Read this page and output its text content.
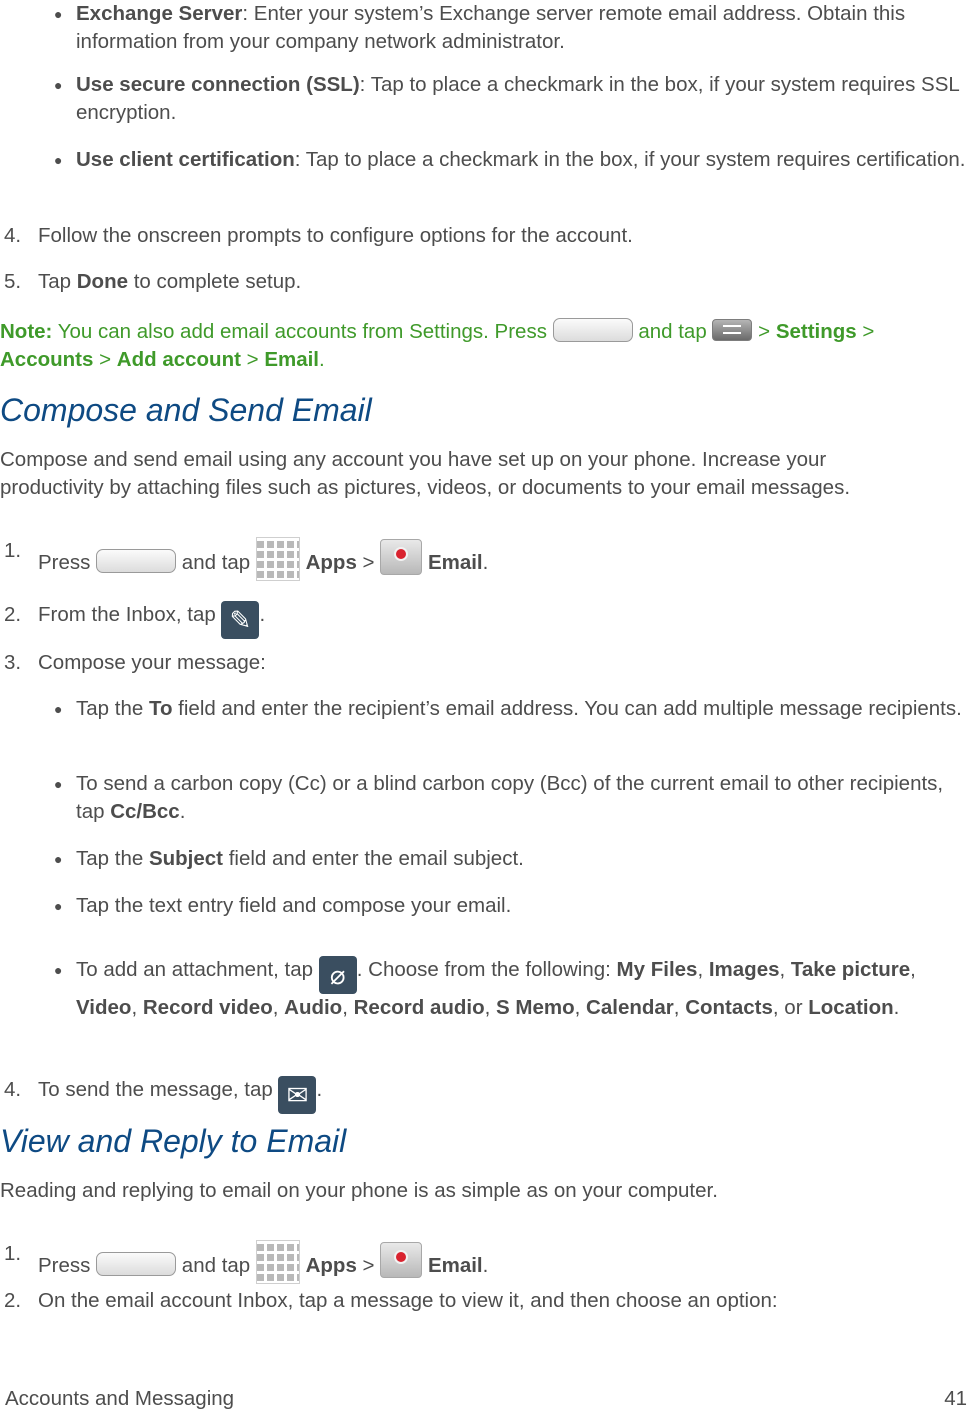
● Exchange Server: Enter your system’s Exchange server remote email address. Obtain this information from your company network administrator.
● Use secure connection (SSL): Tap to place a checkmark in the box, if your system requires SSL encryption.
● Use client certification: Tap to place a checkmark in the box, if your system requires certification.
4. Follow the onscreen prompts to configure options for the account.
5. Tap Done to complete setup.
Note: You can also add email accounts from Settings. Press	and tap  > Settings >
Accounts > Add account > Email.
Compose and Send Email
Compose and send email using any account you have set up on your phone. Increase your productivity by attaching files such as pictures, videos, or documents to your email messages.
1.
Press	and tap  Apps >  Email.
2. From the Inbox, tap ✎ .
3. Compose your message:
● Tap the To field and enter the recipient’s email address. You can add multiple message recipients.
● To send a carbon copy (Cc) or a blind carbon copy (Bcc) of the current email to other recipients, tap Cc/Bcc.
● Tap the Subject field and enter the email subject.
● Tap the text entry field and compose your email.
● To add an attachment, tap ⌀ . Choose from the following: My Files, Images, Take picture, Video, Record video, Audio, Record audio, S Memo, Calendar, Contacts, or Location.
4. To send the message, tap ✉ .
View and Reply to Email
Reading and replying to email on your phone is as simple as on your computer.
1.
Press	and tap  Apps >  Email.
2. On the email account Inbox, tap a message to view it, and then choose an option:
Accounts and Messaging	41
